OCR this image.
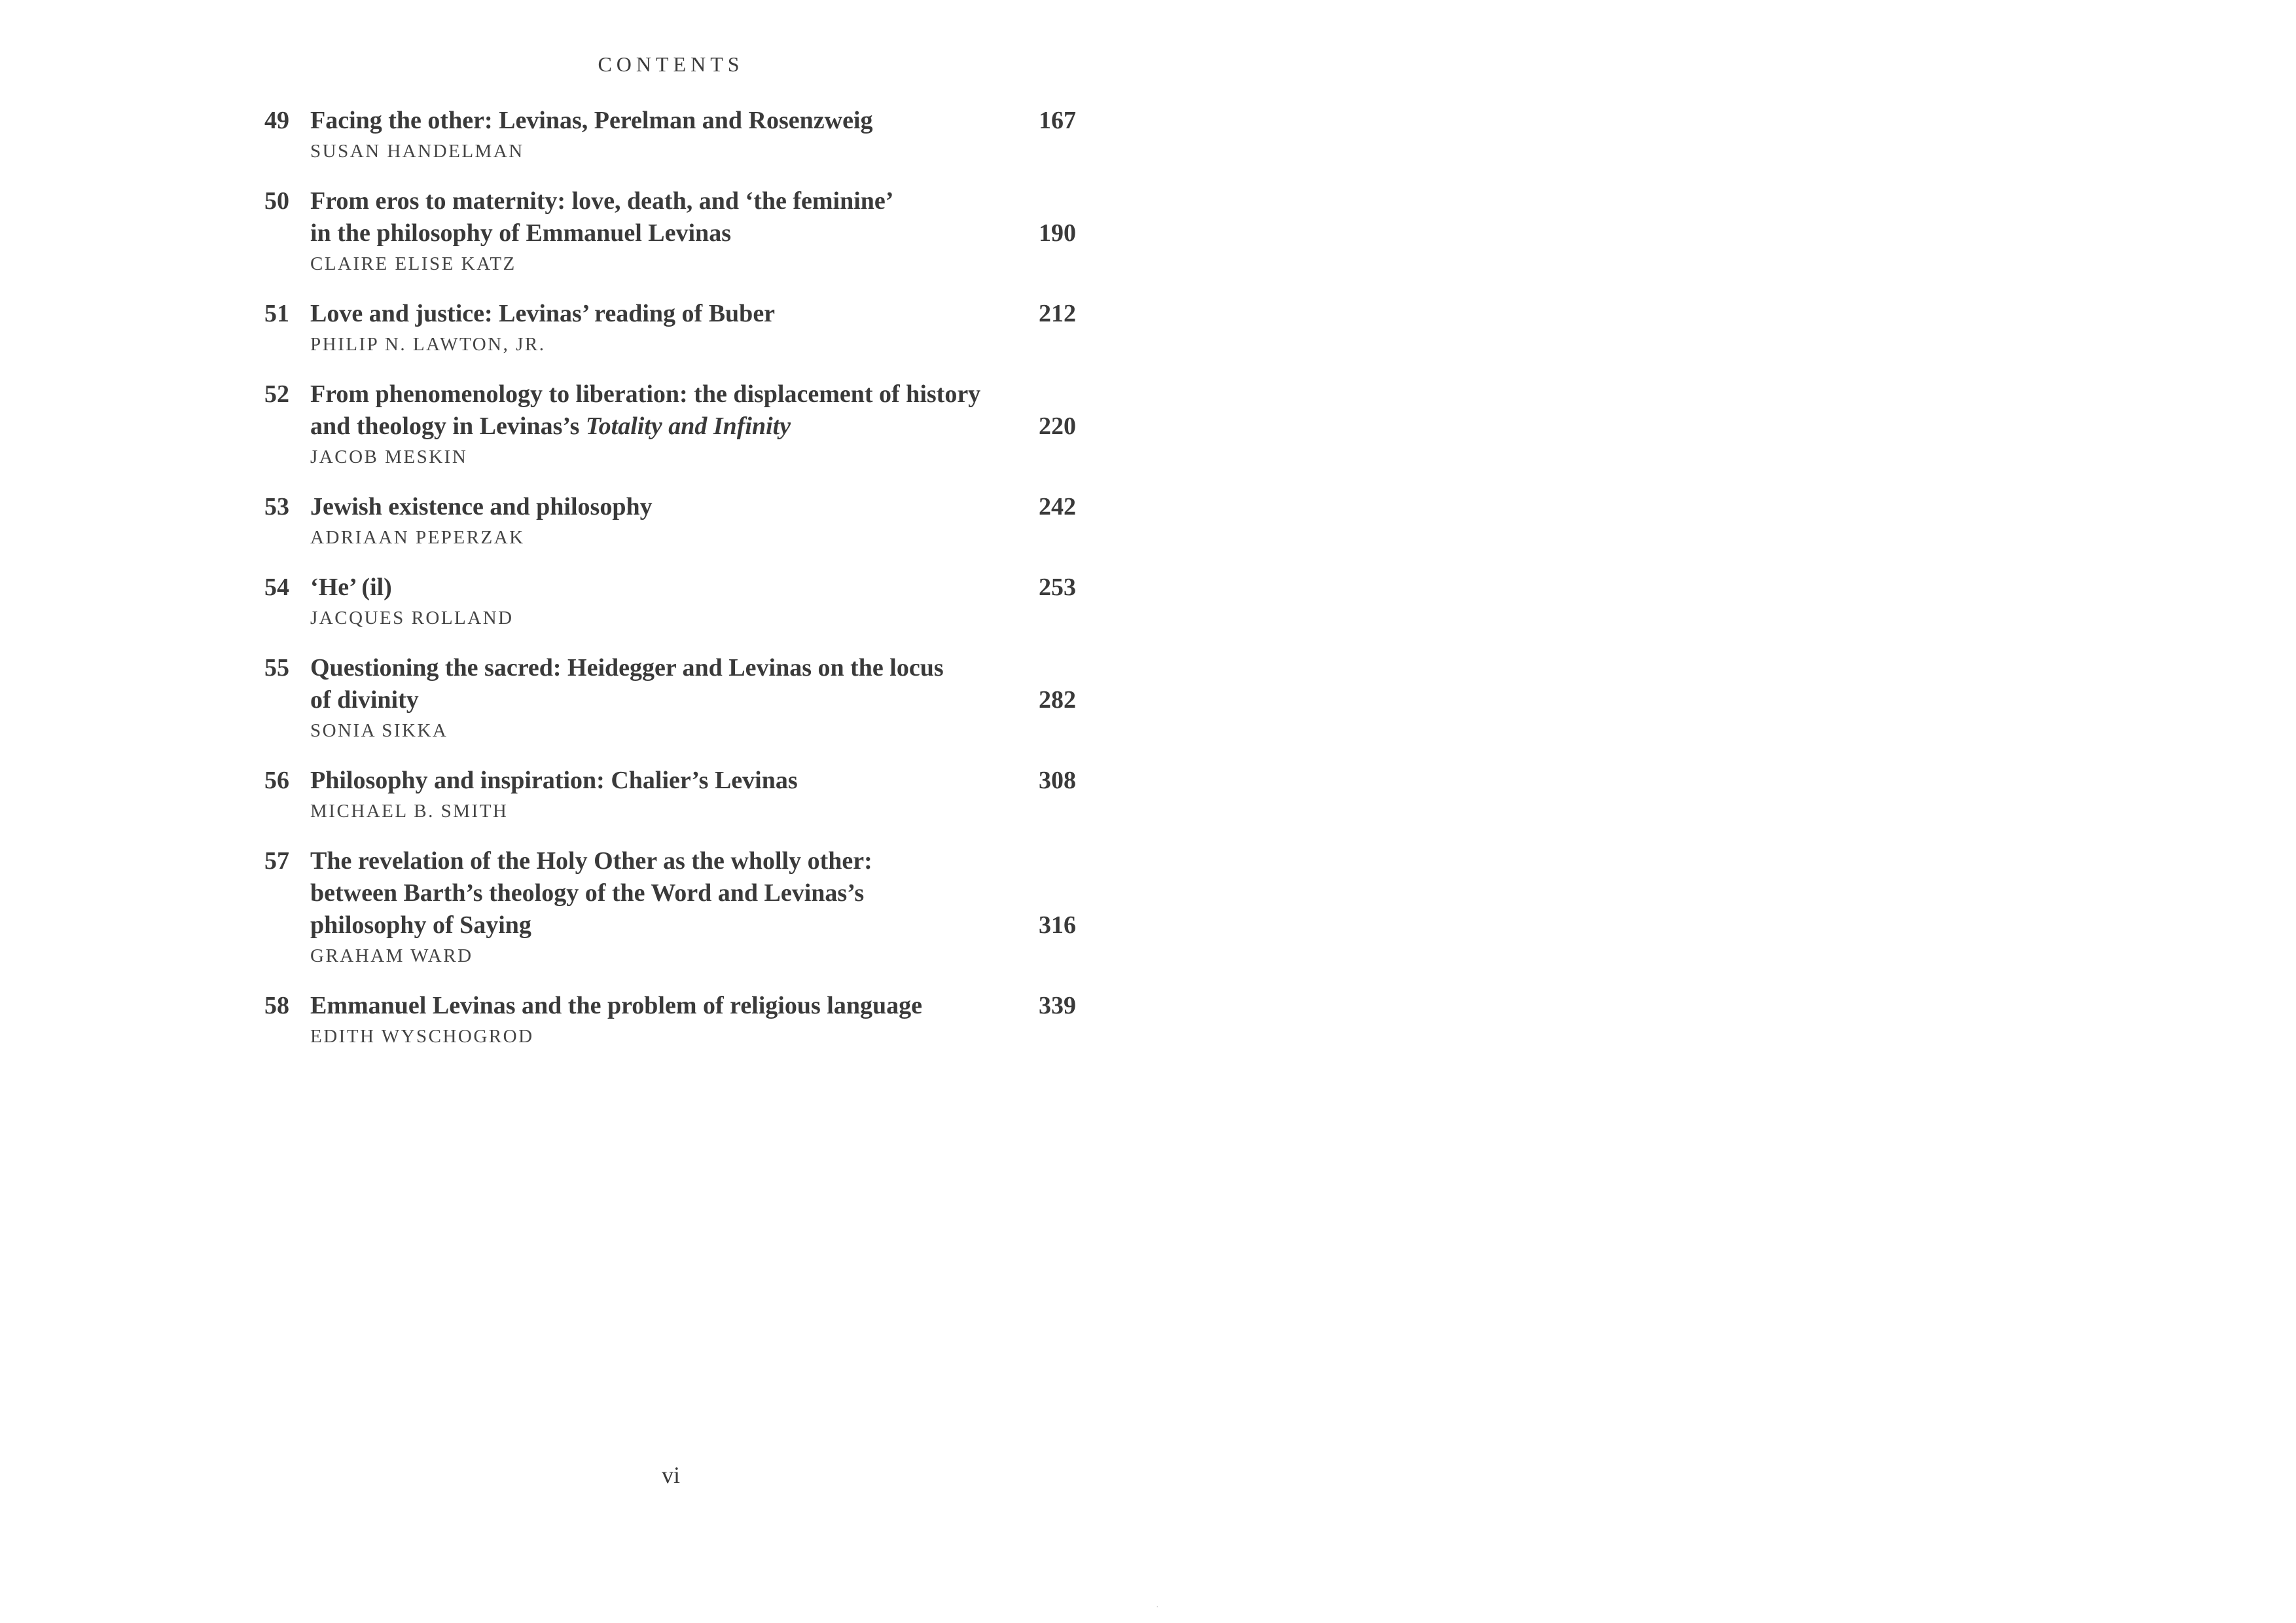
CONTENTS
49 Facing the other: Levinas, Perelman and Rosenzweig	167
SUSAN HANDELMAN
50 From eros to maternity: love, death, and ‘the feminine’
in the philosophy of Emmanuel Levinas	190
CLAIRE ELISE KATZ
51 Love and justice: Levinas’ reading of Buber	212
PHILIP N. LAWTON, JR.
52 From phenomenology to liberation: the displacement of history
and theology in Levinas’s Totality and Infinity	220
JACOB MESKIN
53 Jewish existence and philosophy	242
ADRIAAN PEPERZAK
54 ‘He’ (il)	253
JACQUES ROLLAND
55 Questioning the sacred: Heidegger and Levinas on the locus
of divinity	282
SONIA SIKKA
56 Philosophy and inspiration: Chalier’s Levinas	308
MICHAEL B. SMITH
57 The revelation of the Holy Other as the wholly other:
between Barth’s theology of the Word and Levinas’s
philosophy of Saying	316
GRAHAM WARD
58 Emmanuel Levinas and the problem of religious language	339
EDITH WYSCHOGROD
vi
·
